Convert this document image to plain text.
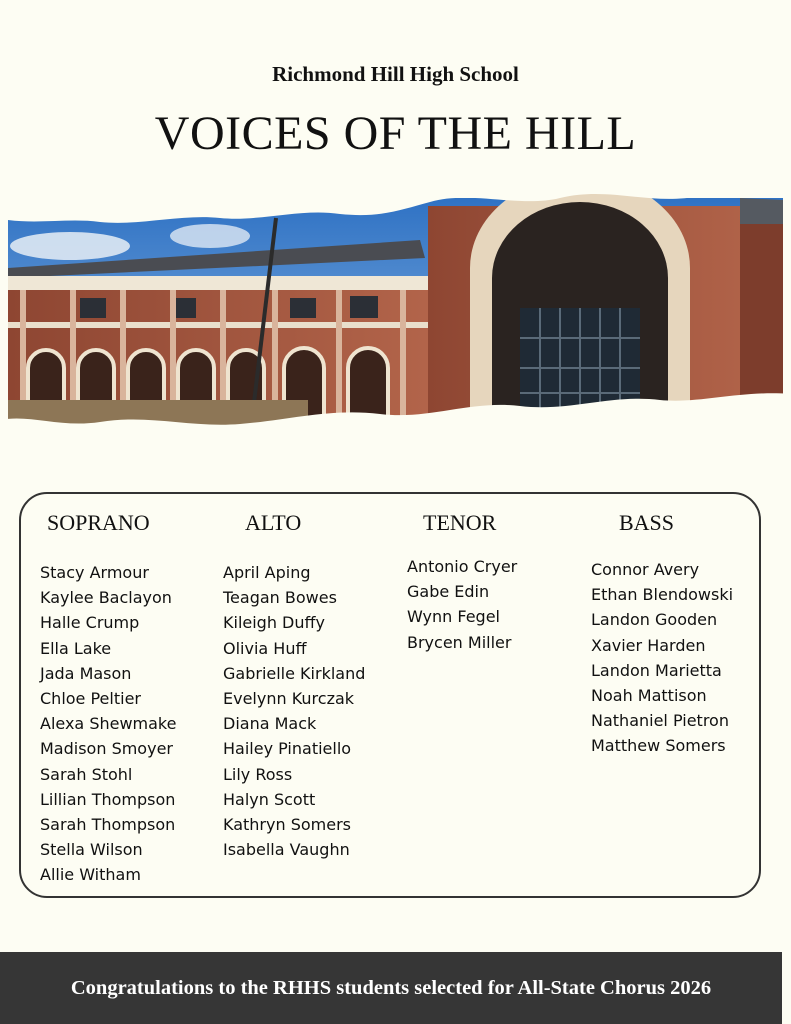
Richmond Hill High School
VOICES OF THE HILL
SOPRANO
Stacy Armour
Kaylee Baclayon
Halle Crump
Ella Lake
Jada Mason
Chloe Peltier
Alexa Shewmake
Madison Smoyer
Sarah Stohl
Lillian Thompson
Sarah Thompson
Stella Wilson
Allie Witham
ALTO
April Aping
Teagan Bowes
Kileigh Duffy
Olivia Huff
Gabrielle Kirkland
Evelynn Kurczak
Diana Mack
Hailey Pinatiello
Lily Ross
Halyn Scott
Kathryn Somers
Isabella Vaughn
TENOR
Antonio Cryer
Gabe Edin
Wynn Fegel
Brycen Miller
BASS
Connor Avery
Ethan Blendowski
Landon Gooden
Xavier Harden
Landon Marietta
Noah Mattison
Nathaniel Pietron
Matthew Somers
Congratulations to the RHHS students selected for All-State Chorus 2026
